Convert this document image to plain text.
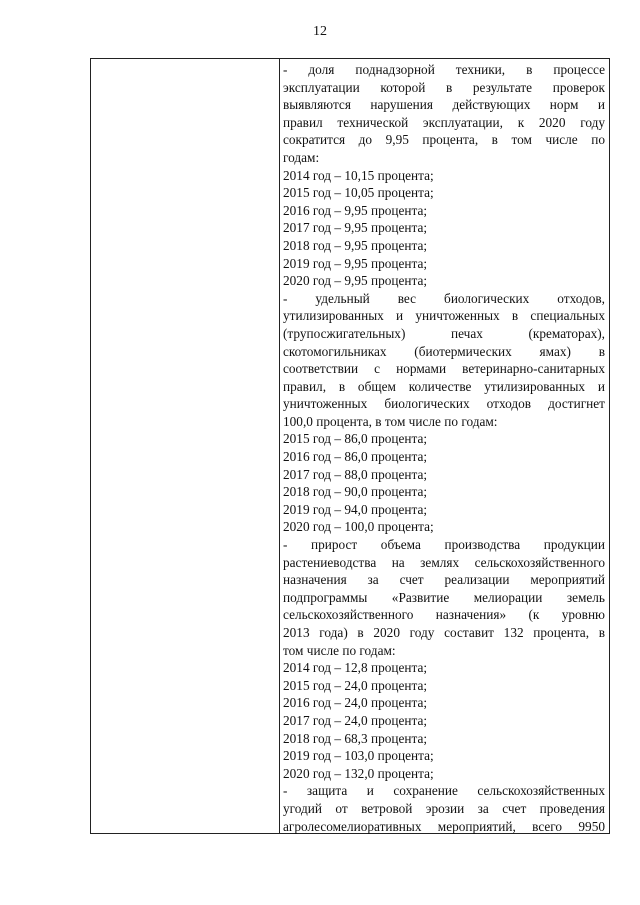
12
- доля поднадзорной техники, в процессе
эксплуатации которой в результате проверок
выявляются нарушения действующих норм и
правил технической эксплуатации, к 2020 году
сократится до 9,95 процента, в том числе по
годам:
2014 год – 10,15 процента;
2015 год – 10,05 процента;
2016 год – 9,95 процента;
2017 год – 9,95 процента;
2018 год – 9,95 процента;
2019 год – 9,95 процента;
2020 год – 9,95 процента;
- удельный вес биологических отходов,
утилизированных и уничтоженных в специальных
(трупосжигательных) печах (крематорах),
скотомогильниках (биотермических ямах) в
соответствии с нормами ветеринарно-санитарных
правил, в общем количестве утилизированных и
уничтоженных биологических отходов достигнет
100,0 процента, в том числе по годам:
2015 год – 86,0 процента;
2016 год – 86,0 процента;
2017 год – 88,0 процента;
2018 год – 90,0 процента;
2019 год – 94,0 процента;
2020 год – 100,0 процента;
- прирост объема производства продукции
растениеводства на землях сельскохозяйственного
назначения за счет реализации мероприятий
подпрограммы «Развитие мелиорации земель
сельскохозяйственного назначения» (к уровню
2013 года) в 2020 году составит 132 процента, в
том числе по годам:
2014 год – 12,8 процента;
2015 год – 24,0 процента;
2016 год – 24,0 процента;
2017 год – 24,0 процента;
2018 год – 68,3 процента;
2019 год – 103,0 процента;
2020 год – 132,0 процента;
- защита и сохранение сельскохозяйственных
угодий от ветровой эрозии за счет проведения
агролесомелиоративных мероприятий, всего 9950
